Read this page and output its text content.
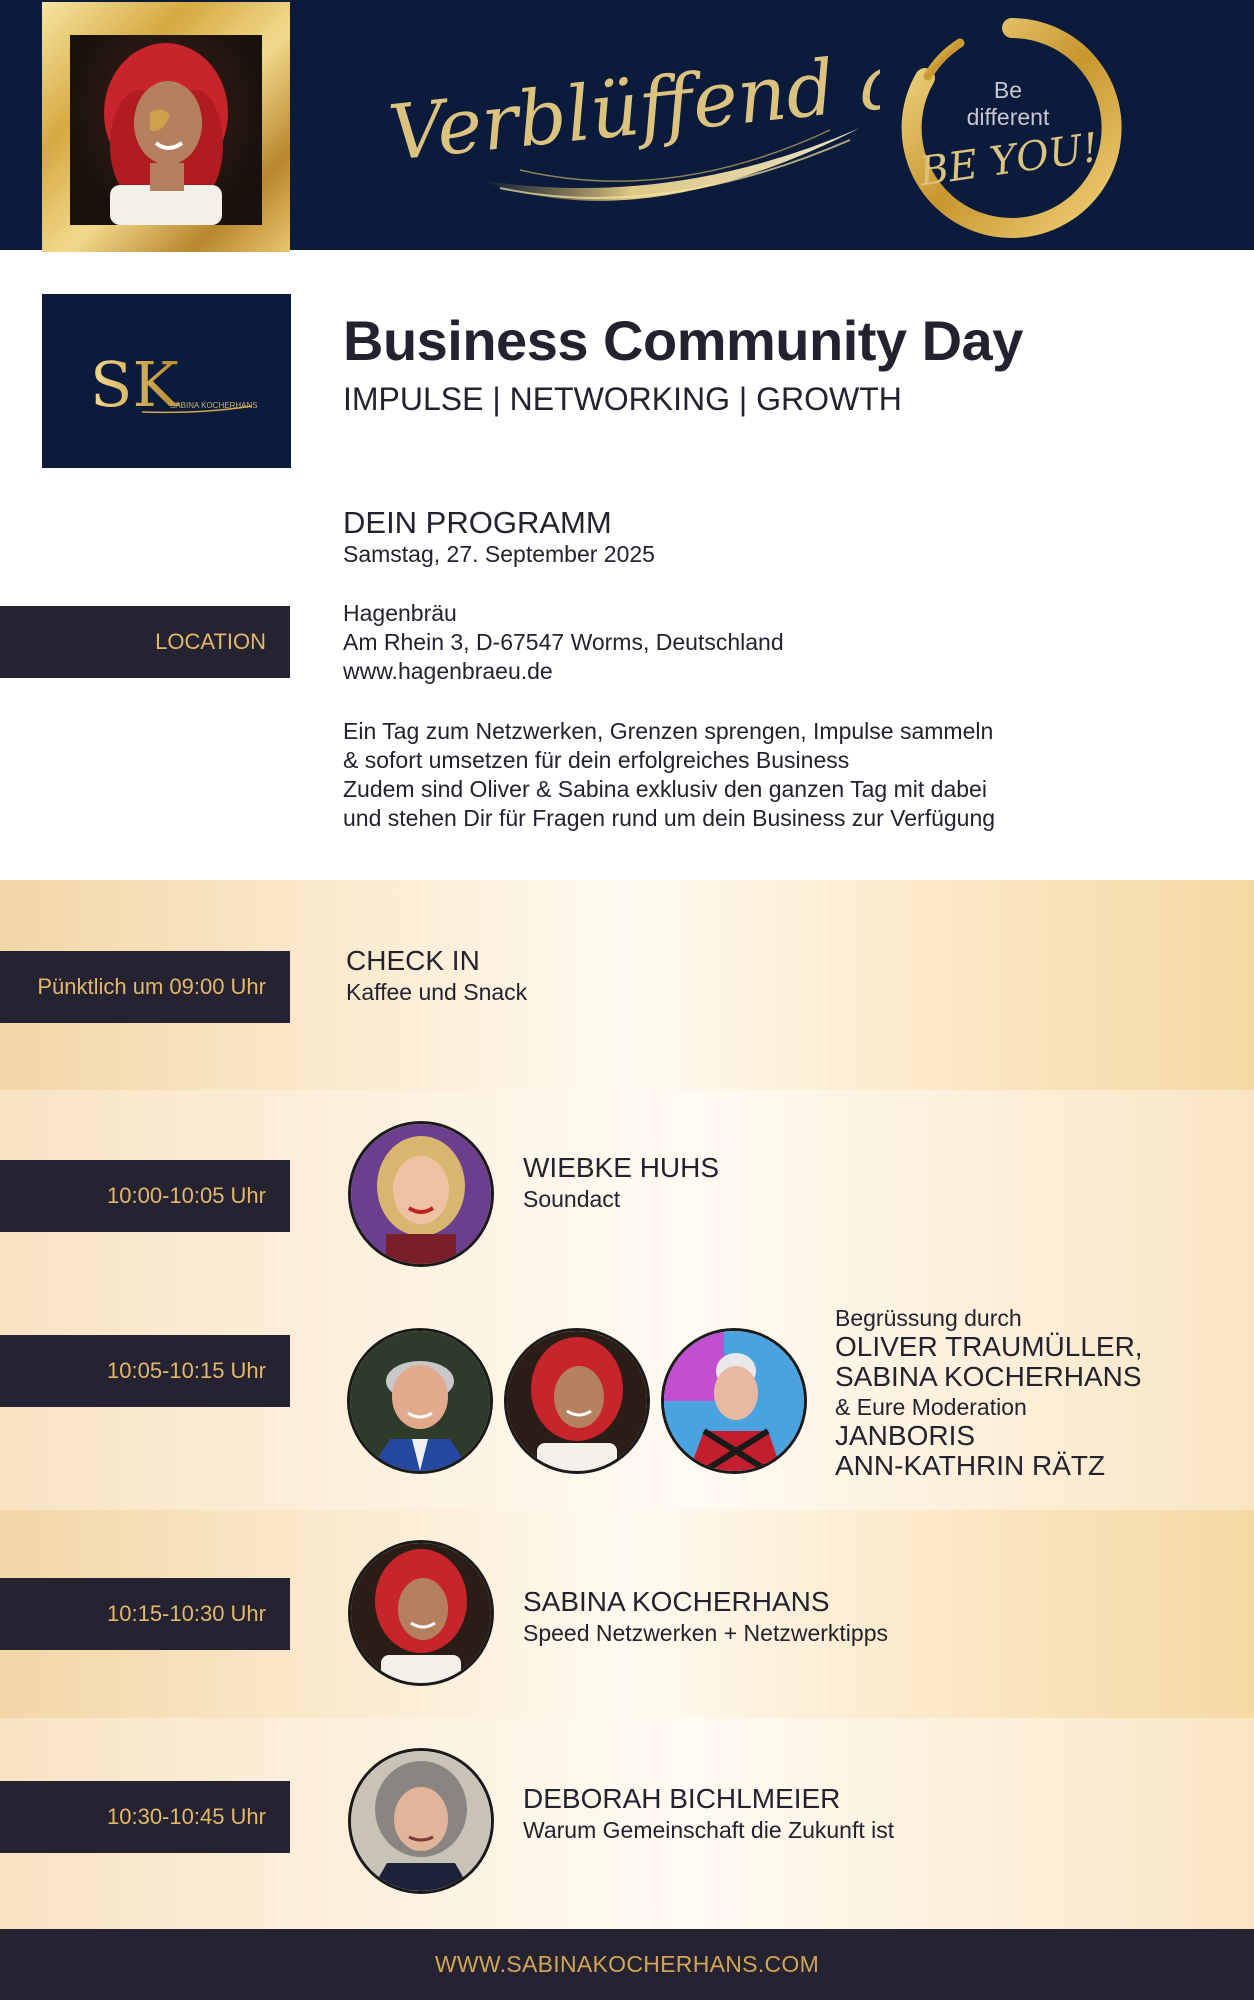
Verblüffend anders
Be
different
BE YOU!
SK
SABINA KOCHERHANS
Business Community Day
IMPULSE | NETWORKING | GROWTH
DEIN PROGRAMM
Samstag, 27. September 2025
LOCATION
Hagenbräu
Am Rhein 3, D-67547 Worms, Deutschland
www.hagenbraeu.de
Ein Tag zum Netzwerken, Grenzen sprengen, Impulse sammeln
& sofort umsetzen für dein erfolgreiches Business
Zudem sind Oliver & Sabina exklusiv den ganzen Tag mit dabei
und stehen Dir für Fragen rund um dein Business zur Verfügung
Pünktlich um 09:00 Uhr
CHECK IN
Kaffee und Snack
10:00-10:05 Uhr
WIEBKE HUHS
Soundact
10:05-10:15 Uhr
Begrüssung durch
OLIVER TRAUMÜLLER,
SABINA KOCHERHANS
& Eure Moderation
JANBORIS
ANN-KATHRIN RÄTZ
10:15-10:30 Uhr	SABINA KOCHERHANS
Speed Netzwerken + Netzwerktipps
10:30-10:45 Uhr
DEBORAH BICHLMEIER
Warum Gemeinschaft die Zukunft ist
WWW.SABINAKOCHERHANS.COM
